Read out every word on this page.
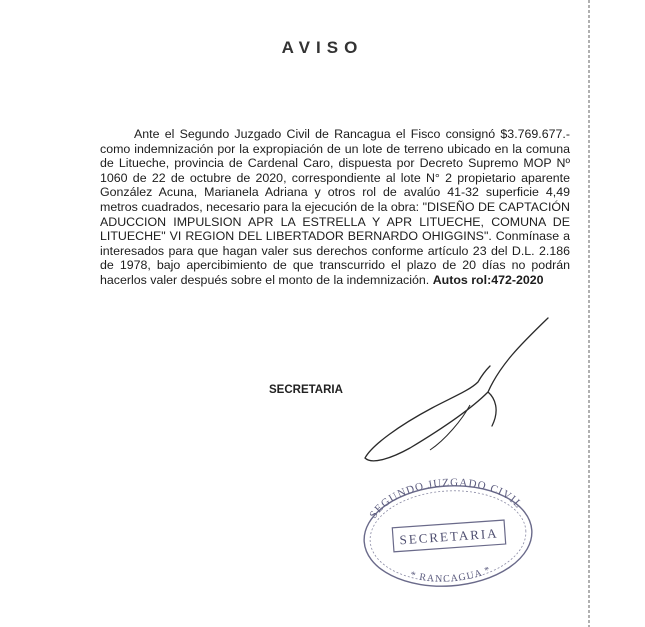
AVISO
Ante el Segundo Juzgado Civil de Rancagua el Fisco consignó $3.769.677.- como indemnización por la expropiación de un lote de terreno ubicado en la comuna de Litueche, provincia de Cardenal Caro, dispuesta por Decreto Supremo MOP Nº 1060 de 22 de octubre de 2020, correspondiente al lote N° 2 propietario aparente González Acuna, Marianela Adriana y otros rol de avalúo 41-32 superficie 4,49 metros cuadrados, necesario para la ejecución de la obra: "DISEÑO DE CAPTACIÓN ADUCCION IMPULSION APR LA ESTRELLA Y APR LITUECHE, COMUNA DE LITUECHE" VI REGION DEL LIBERTADOR BERNARDO OHIGGINS". Conmínase a interesados para que hagan valer sus derechos conforme artículo 23 del D.L. 2.186 de 1978, bajo apercibimiento de que transcurrido el plazo de 20 días no podrán hacerlos valer después sobre el monto de la indemnización. Autos rol:472-2020
SECRETARIA
SEGUNDO JUZGADO CIVIL
* RANCAGUA *
SECRETARIA
